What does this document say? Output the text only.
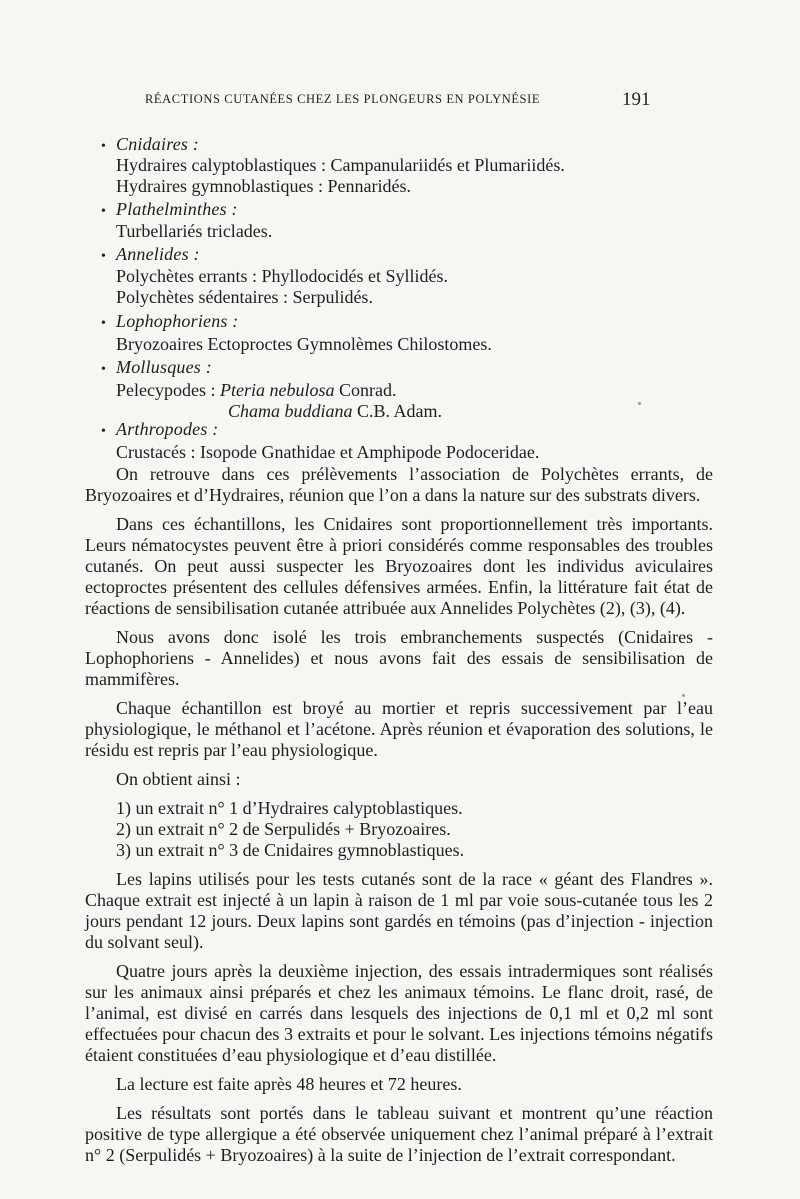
RÉACTIONS CUTANÉES CHEZ LES PLONGEURS EN POLYNÉSIE	191
• Cnidaires :
Hydraires calyptoblastiques : Campanulariidés et Plumariidés.
Hydraires gymnoblastiques : Pennaridés.
• Plathelminthes :
Turbellariés triclades.
• Annelides :
Polychètes errants : Phyllodocidés et Syllidés.
Polychètes sédentaires : Serpulidés.
• Lophophoriens :
Bryozoaires Ectoproctes Gymnolèmes Chilostomes.
• Mollusques :
Pelecypodes : Pteria nebulosa Conrad.
Chama buddiana C.B. Adam.
• Arthropodes :
Crustacés : Isopode Gnathidae et Amphipode Podoceridae.

On retrouve dans ces prélèvements l’association de Polychètes errants, de Bryozoaires et d’Hydraires, réunion que l’on a dans la nature sur des substrats divers.

Dans ces échantillons, les Cnidaires sont proportionnellement très importants. Leurs nématocystes peuvent être à priori considérés comme responsables des troubles cutanés. On peut aussi suspecter les Bryozoaires dont les individus aviculaires ectoproctes présentent des cellules défensives armées. Enfin, la littérature fait état de réactions de sensibilisation cutanée attribuée aux Annelides Polychètes (2), (3), (4).

Nous avons donc isolé les trois embranchements suspectés (Cnidaires - Lophophoriens - Annelides) et nous avons fait des essais de sensibilisation de mammifères.

Chaque échantillon est broyé au mortier et repris successivement par l’eau physiologique, le méthanol et l’acétone. Après réunion et évaporation des solutions, le résidu est repris par l’eau physiologique.

On obtient ainsi :

1) un extrait n° 1 d’Hydraires calyptoblastiques.

2) un extrait n° 2 de Serpulidés + Bryozoaires.

3) un extrait n° 3 de Cnidaires gymnoblastiques.

Les lapins utilisés pour les tests cutanés sont de la race « géant des Flandres ». Chaque extrait est injecté à un lapin à raison de 1 ml par voie sous-cutanée tous les 2 jours pendant 12 jours. Deux lapins sont gardés en témoins (pas d’injection - injection du solvant seul).

Quatre jours après la deuxième injection, des essais intradermiques sont réalisés sur les animaux ainsi préparés et chez les animaux témoins. Le flanc droit, rasé, de l’animal, est divisé en carrés dans lesquels des injections de 0,1 ml et 0,2 ml sont effectuées pour chacun des 3 extraits et pour le solvant. Les injections témoins négatifs étaient constituées d’eau physiologique et d’eau distillée.

La lecture est faite après 48 heures et 72 heures.

Les résultats sont portés dans le tableau suivant et montrent qu’une réaction positive de type allergique a été observée uniquement chez l’animal préparé à l’extrait n° 2 (Serpulidés + Bryozoaires) à la suite de l’injection de l’extrait correspondant.
